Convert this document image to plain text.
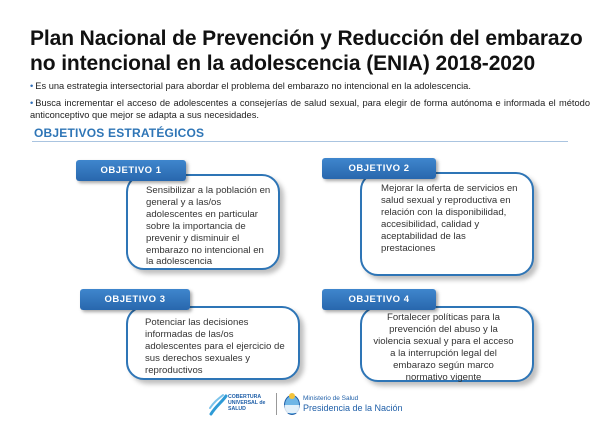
Plan Nacional de Prevención y Reducción del embarazo no intencional en la adolescencia (ENIA) 2018-2020
• Es una estrategia intersectorial para abordar el problema del embarazo no intencional en la adolescencia.
• Busca incrementar el acceso de adolescentes a consejerías de salud sexual, para elegir de forma autónoma e informada el método anticonceptivo que mejor se adapta a sus necesidades.
OBJETIVOS ESTRATÉGICOS
Sensibilizar a la población en general y a las/os adolescentes en particular sobre la importancia de prevenir y disminuir el embarazo no intencional en la adolescencia
OBJETIVO 1
Mejorar la oferta de servicios en salud sexual y reproductiva en relación con la disponibilidad, accesibilidad, calidad y aceptabilidad de las prestaciones
OBJETIVO 2
Potenciar las decisiones informadas de las/os adolescentes para el ejercicio de sus derechos sexuales y reproductivos
OBJETIVO 3
Fortalecer políticas para la prevención del abuso y la violencia sexual y para el acceso a la interrupción legal del embarazo según marco normativo vigente
OBJETIVO 4
COBERTURA UNIVERSAL de SALUD
Ministerio de Salud
Presidencia de la Nación
